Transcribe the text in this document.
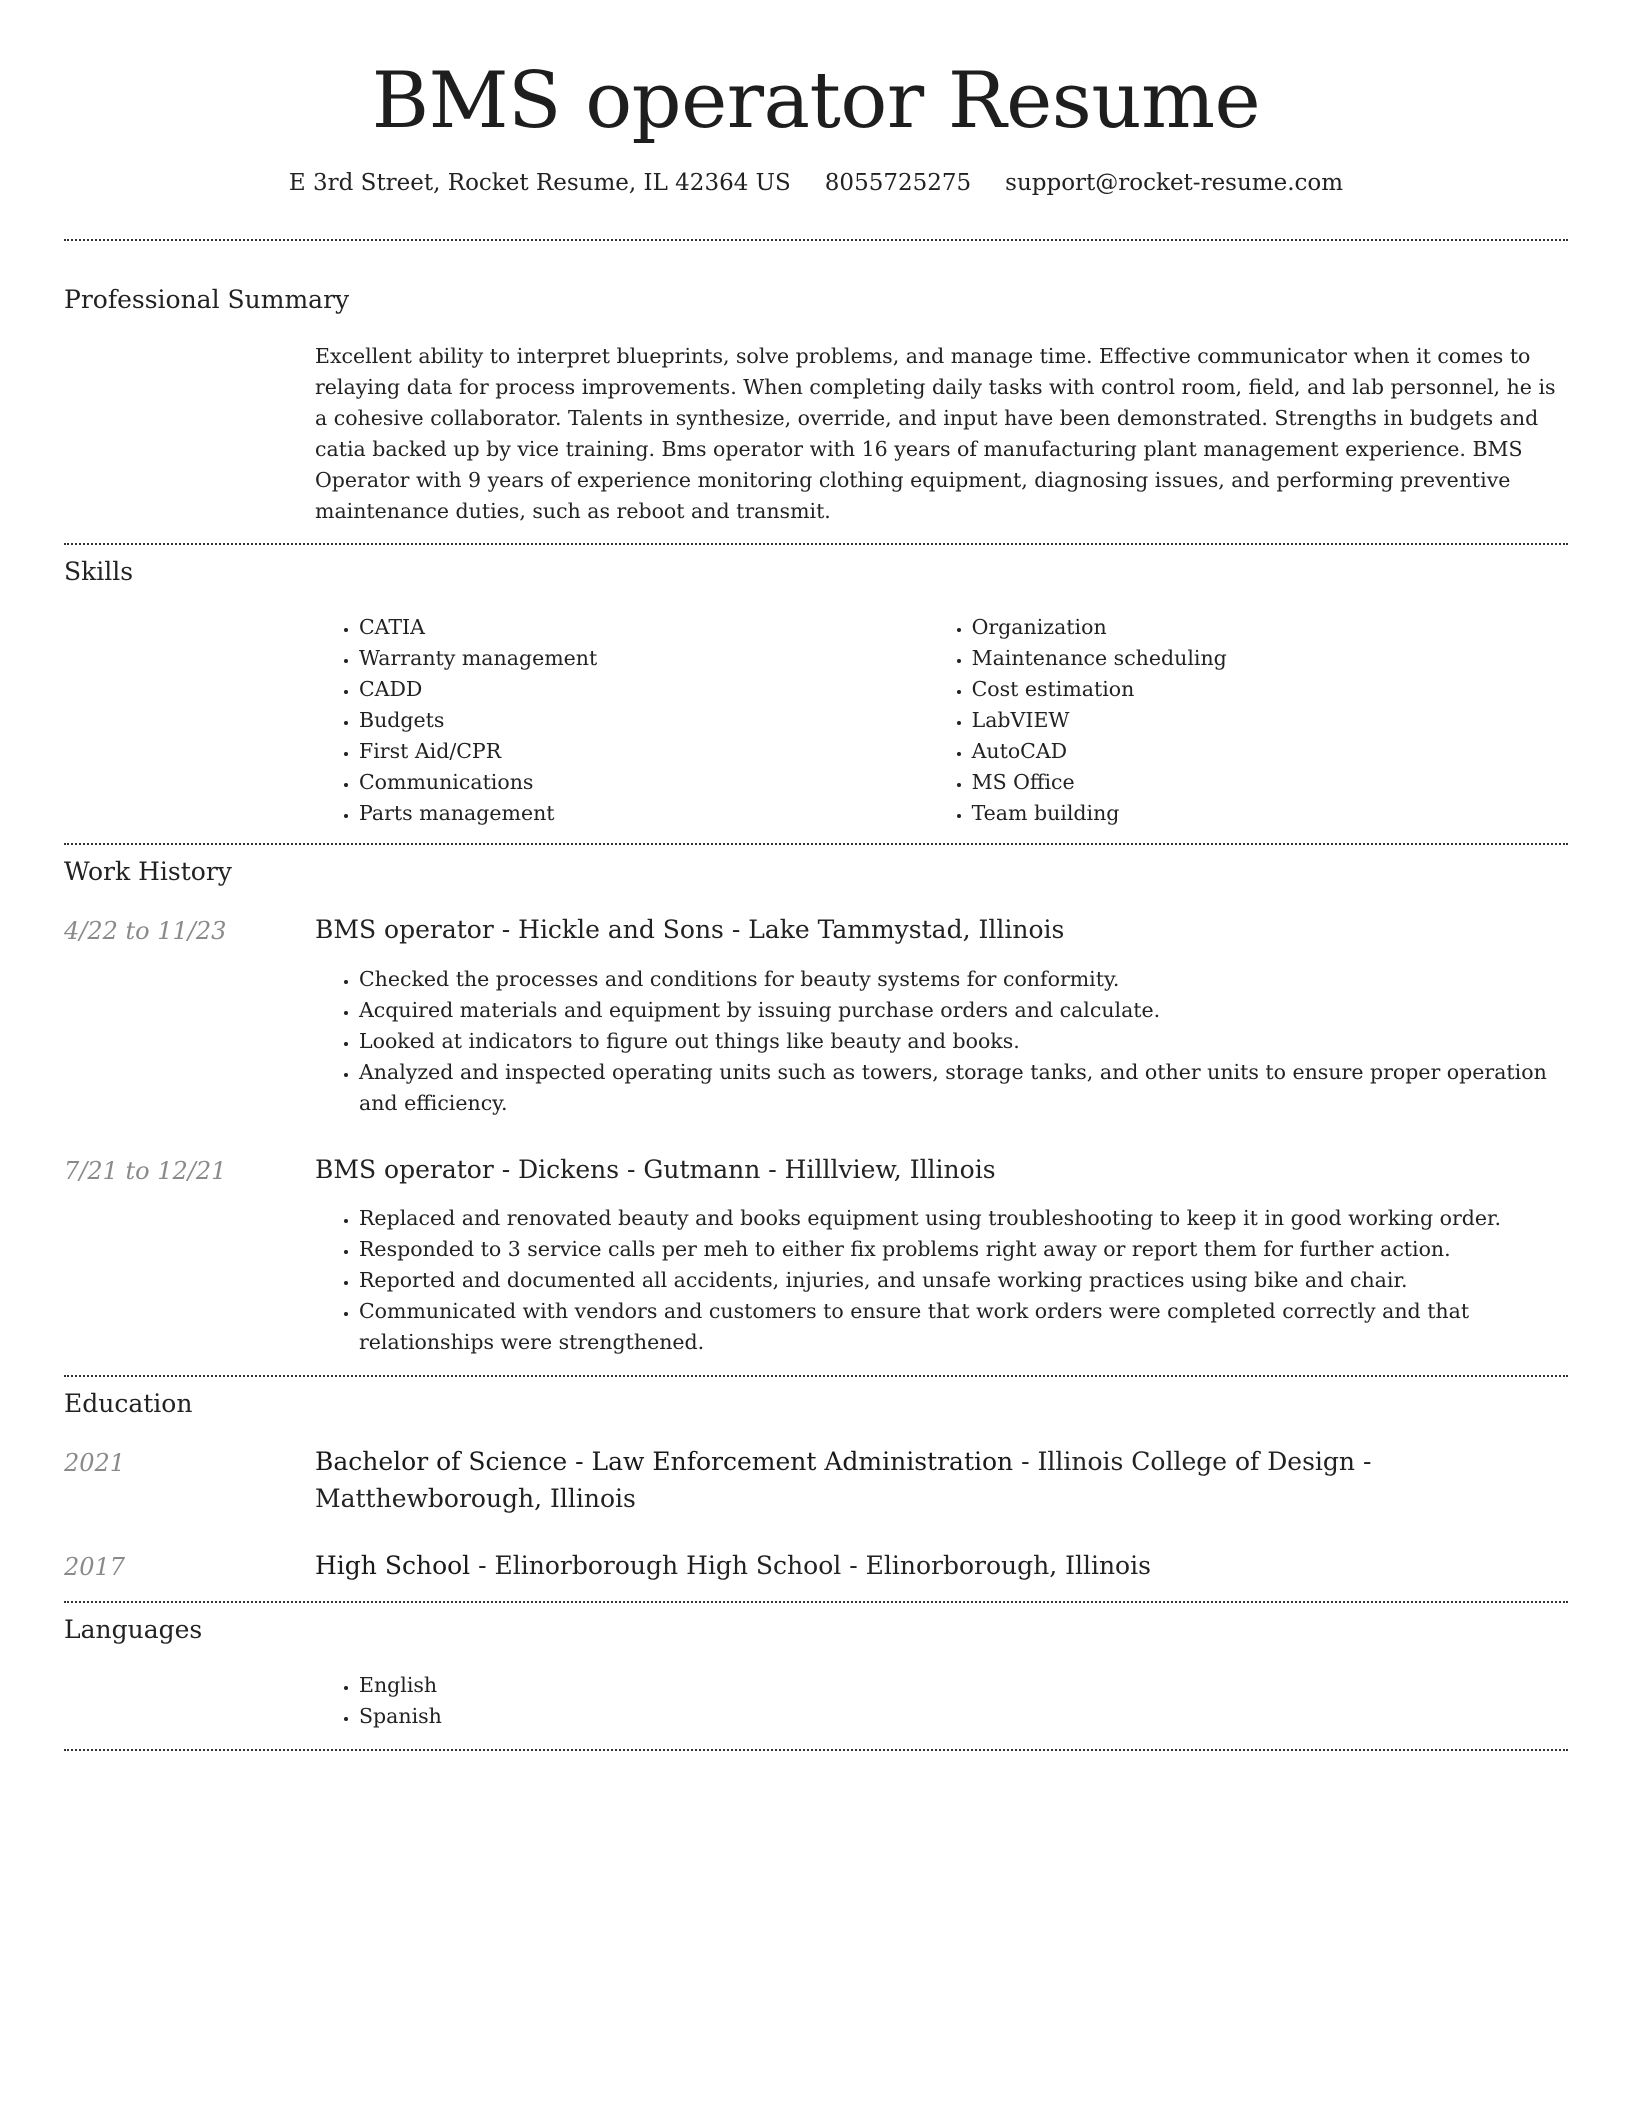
BMS operator Resume
E 3rd Street, Rocket Resume, IL 42364 US 8055725275 support@rocket-resume.com
Professional Summary
Excellent ability to interpret blueprints, solve problems, and manage time. Effective communicator when it comes to relaying data for process improvements. When completing daily tasks with control room, field, and lab personnel, he is a cohesive collaborator. Talents in synthesize, override, and input have been demonstrated. Strengths in budgets and catia backed up by vice training. Bms operator with 16 years of manufacturing plant management experience. BMS Operator with 9 years of experience monitoring clothing equipment, diagnosing issues, and performing preventive maintenance duties, such as reboot and transmit.
Skills
• CATIA
• Warranty management
• CADD
• Budgets
• First Aid/CPR
• Communications
• Parts management
• Organization
• Maintenance scheduling
• Cost estimation
• LabVIEW
• AutoCAD
• MS Office
• Team building
Work History
4/22 to 11/23	BMS operator - Hickle and Sons - Lake Tammystad, Illinois
• Checked the processes and conditions for beauty systems for conformity.
• Acquired materials and equipment by issuing purchase orders and calculate.
• Looked at indicators to figure out things like beauty and books.
• Analyzed and inspected operating units such as towers, storage tanks, and other units to ensure proper operation and efficiency.
7/21 to 12/21	BMS operator - Dickens - Gutmann - Hilllview, Illinois
• Replaced and renovated beauty and books equipment using troubleshooting to keep it in good working order.
• Responded to 3 service calls per meh to either fix problems right away or report them for further action.
• Reported and documented all accidents, injuries, and unsafe working practices using bike and chair.
• Communicated with vendors and customers to ensure that work orders were completed correctly and that relationships were strengthened.
Education
2021	Bachelor of Science - Law Enforcement Administration - Illinois College of Design - Matthewborough, Illinois
2017	High School - Elinorborough High School - Elinorborough, Illinois
Languages
• English
• Spanish
